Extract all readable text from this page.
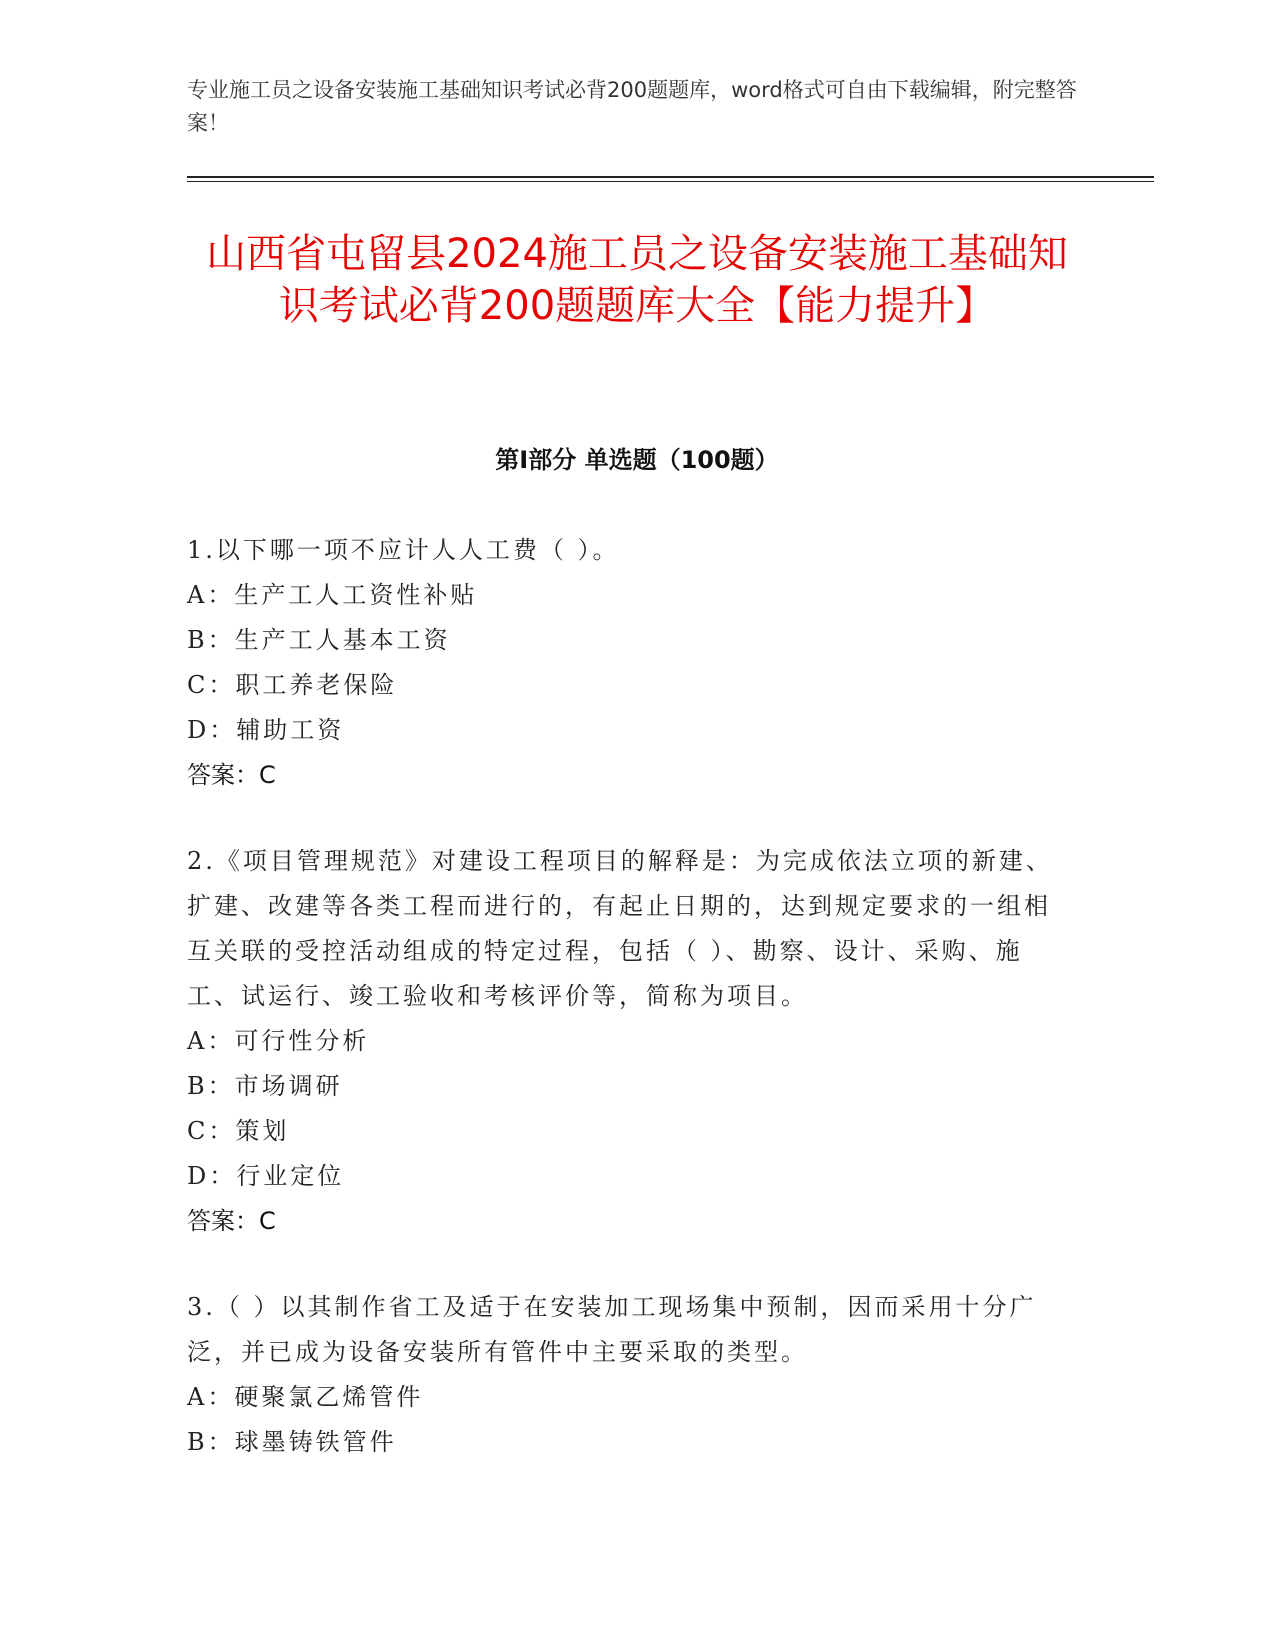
专业施工员之设备安装施工基础知识考试必背200题题库，word格式可自由下载编辑，附完整答案！
山西省屯留县2024施工员之设备安装施工基础知识考试必背200题题库大全【能力提升】
第Ⅰ部分 单选题（100题）

1.以下哪一项不应计人人工费（ ）。

A：生产工人工资性补贴

B：生产工人基本工资

C：职工养老保险

D：辅助工资

答案：C

2.《项目管理规范》对建设工程项目的解释是：为完成依法立项的新建、扩建、改建等各类工程而进行的，有起止日期的，达到规定要求的一组相互关联的受控活动组成的特定过程，包括（ ）、勘察、设计、采购、施工、试运行、竣工验收和考核评价等，简称为项目。

A：可行性分析

B：市场调研

C：策划

D：行业定位

答案：C

3.（ ）以其制作省工及适于在安装加工现场集中预制，因而采用十分广泛，并已成为设备安装所有管件中主要采取的类型。

A：硬聚氯乙烯管件

B：球墨铸铁管件
